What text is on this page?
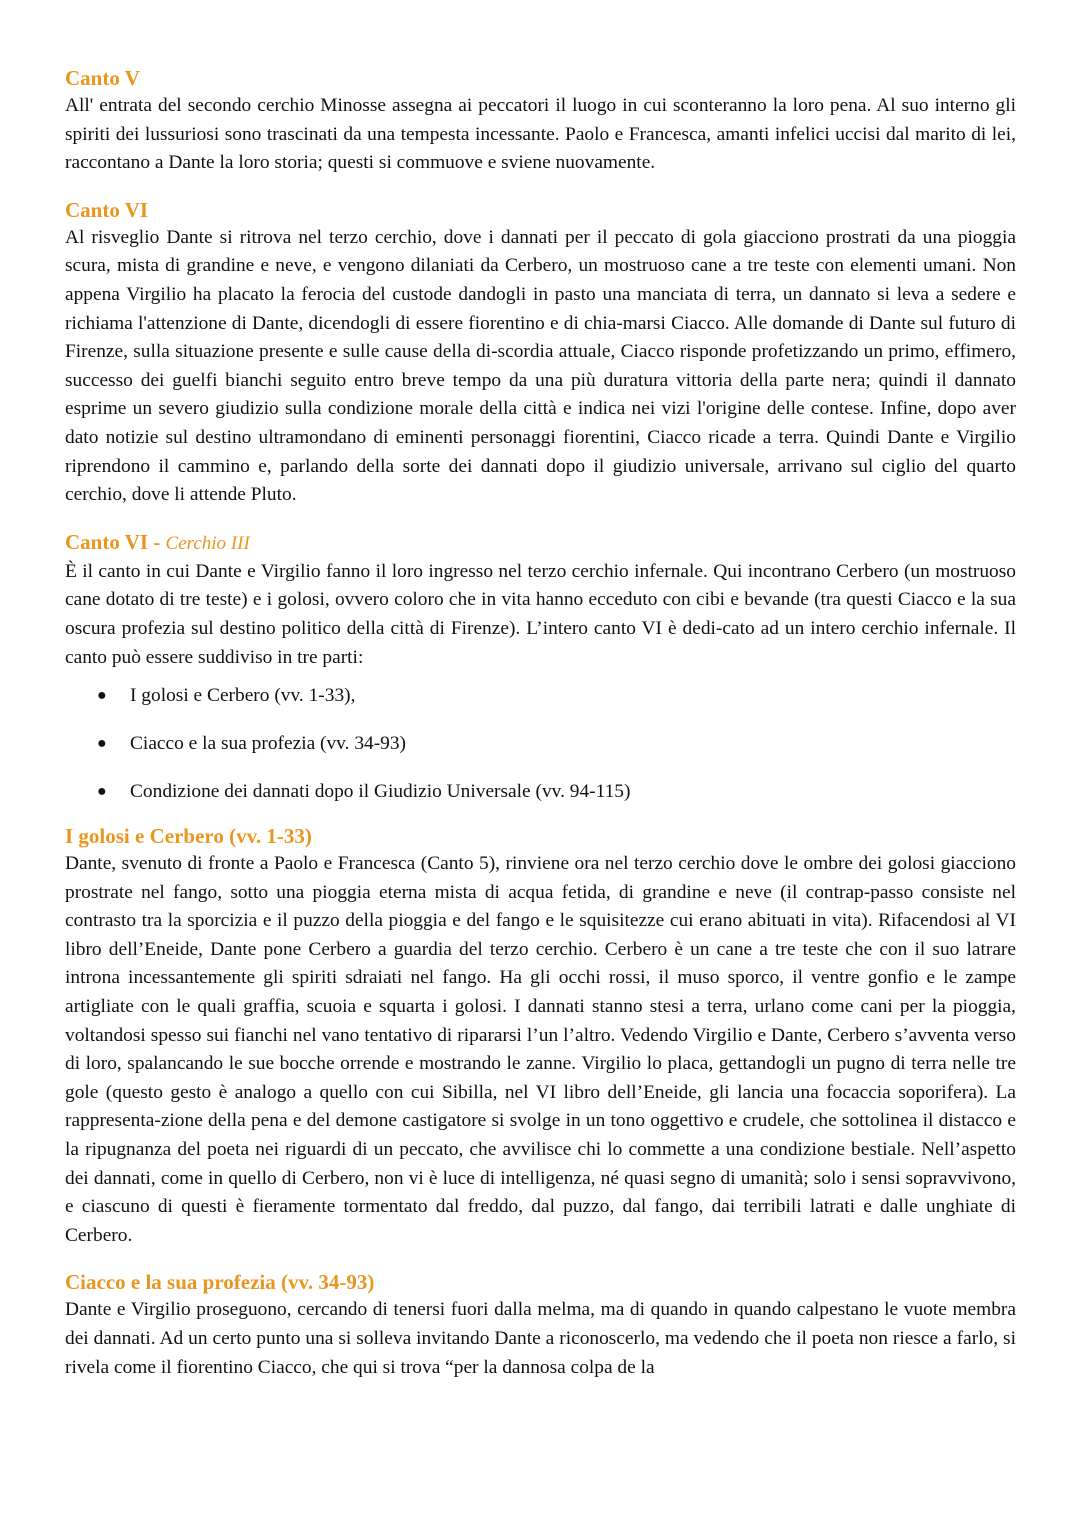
Canto V

All' entrata del secondo cerchio Minosse assegna ai peccatori il luogo in cui sconteranno la loro pena. Al suo interno gli spiriti dei lussuriosi sono trascinati da una tempesta incessante. Paolo e Francesca, amanti infelici uccisi dal marito di lei, raccontano a Dante la loro storia; questi si commuove e sviene nuovamente.

Canto VI

Al risveglio Dante si ritrova nel terzo cerchio, dove i dannati per il peccato di gola giacciono prostrati da una pioggia scura, mista di grandine e neve, e vengono dilaniati da Cerbero, un mostruoso cane a tre teste con elementi umani. Non appena Virgilio ha placato la ferocia del custode dandogli in pasto una manciata di terra, un dannato si leva a sedere e richiama l'attenzione di Dante, dicendogli di essere fiorentino e di chia-marsi Ciacco. Alle domande di Dante sul futuro di Firenze, sulla situazione presente e sulle cause della di-scordia attuale, Ciacco risponde profetizzando un primo, effimero, successo dei guelfi bianchi seguito entro breve tempo da una più duratura vittoria della parte nera; quindi il dannato esprime un severo giudizio sulla condizione morale della città e indica nei vizi l'origine delle contese. Infine, dopo aver dato notizie sul destino ultramondano di eminenti personaggi fiorentini, Ciacco ricade a terra. Quindi Dante e Virgilio riprendono il cammino e, parlando della sorte dei dannati dopo il giudizio universale, arrivano sul ciglio del quarto cerchio, dove li attende Pluto.

Canto VI - Cerchio III

È il canto in cui Dante e Virgilio fanno il loro ingresso nel terzo cerchio infernale. Qui incontrano Cerbero (un mostruoso cane dotato di tre teste) e i golosi, ovvero coloro che in vita hanno ecceduto con cibi e bevande (tra questi Ciacco e la sua oscura profezia sul destino politico della città di Firenze). L’intero canto VI è dedi-cato ad un intero cerchio infernale. Il canto può essere suddiviso in tre parti:

● I golosi e Cerbero (vv. 1-33),
● Ciacco e la sua profezia (vv. 34-93)
● Condizione dei dannati dopo il Giudizio Universale (vv. 94-115)
I golosi e Cerbero (vv. 1-33)

Dante, svenuto di fronte a Paolo e Francesca (Canto 5), rinviene ora nel terzo cerchio dove le ombre dei golosi giacciono prostrate nel fango, sotto una pioggia eterna mista di acqua fetida, di grandine e neve (il contrap-passo consiste nel contrasto tra la sporcizia e il puzzo della pioggia e del fango e le squisitezze cui erano abituati in vita). Rifacendosi al VI libro dell’Eneide, Dante pone Cerbero a guardia del terzo cerchio. Cerbero è un cane a tre teste che con il suo latrare introna incessantemente gli spiriti sdraiati nel fango. Ha gli occhi rossi, il muso sporco, il ventre gonfio e le zampe artigliate con le quali graffia, scuoia e squarta i golosi. I dannati stanno stesi a terra, urlano come cani per la pioggia, voltandosi spesso sui fianchi nel vano tentativo di ripararsi l’un l’altro. Vedendo Virgilio e Dante, Cerbero s’avventa verso di loro, spalancando le sue bocche orrende e mostrando le zanne. Virgilio lo placa, gettandogli un pugno di terra nelle tre gole (questo gesto è analogo a quello con cui Sibilla, nel VI libro dell’Eneide, gli lancia una focaccia soporifera). La rappresenta-zione della pena e del demone castigatore si svolge in un tono oggettivo e crudele, che sottolinea il distacco e la ripugnanza del poeta nei riguardi di un peccato, che avvilisce chi lo commette a una condizione bestiale. Nell’aspetto dei dannati, come in quello di Cerbero, non vi è luce di intelligenza, né quasi segno di umanità; solo i sensi sopravvivono, e ciascuno di questi è fieramente tormentato dal freddo, dal puzzo, dal fango, dai terribili latrati e dalle unghiate di Cerbero.

Ciacco e la sua profezia (vv. 34-93)

Dante e Virgilio proseguono, cercando di tenersi fuori dalla melma, ma di quando in quando calpestano le vuote membra dei dannati. Ad un certo punto una si solleva invitando Dante a riconoscerlo, ma vedendo che il poeta non riesce a farlo, si rivela come il fiorentino Ciacco, che qui si trova “per la dannosa colpa de la
